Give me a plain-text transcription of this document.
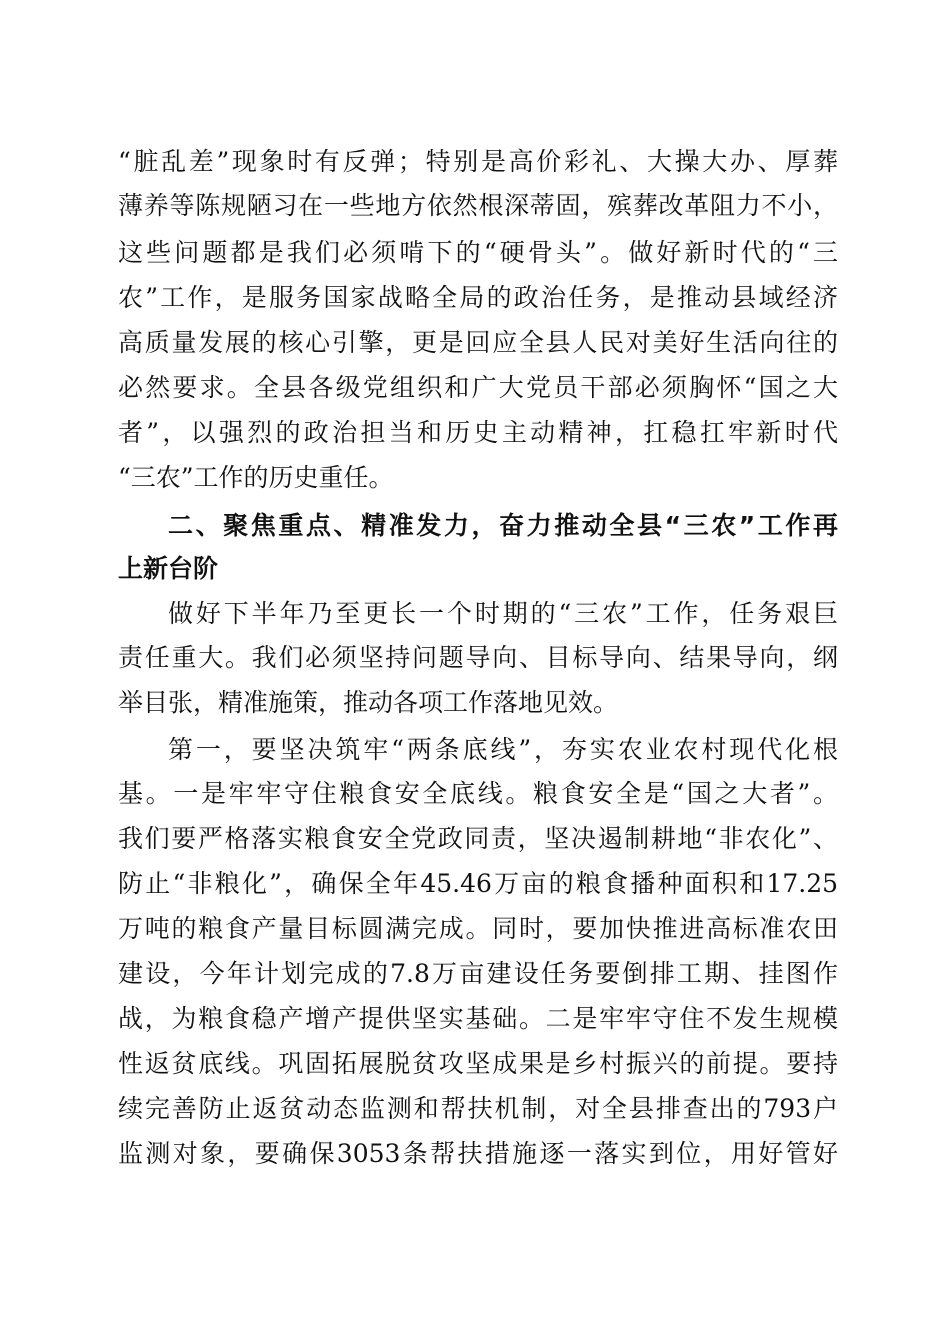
“脏乱差”现象时有反弹；特别是高价彩礼、大操大办、厚葬
薄养等陈规陋习在一些地方依然根深蒂固，殡葬改革阻力不小，
这些问题都是我们必须啃下的“硬骨头”。做好新时代的“三
农”工作，是服务国家战略全局的政治任务，是推动县域经济
高质量发展的核心引擎，更是回应全县人民对美好生活向往的
必然要求。全县各级党组织和广大党员干部必须胸怀“国之大
者”，以强烈的政治担当和历史主动精神，扛稳扛牢新时代
“三农”工作的历史重任。
二、聚焦重点、精准发力，奋力推动全县“三农”工作再
上新台阶
做好下半年乃至更长一个时期的“三农”工作，任务艰巨
责任重大。我们必须坚持问题导向、目标导向、结果导向，纲
举目张，精准施策，推动各项工作落地见效。
第一，要坚决筑牢“两条底线”，夯实农业农村现代化根
基。一是牢牢守住粮食安全底线。粮食安全是“国之大者”。
我们要严格落实粮食安全党政同责，坚决遏制耕地“非农化”、
防止“非粮化”，确保全年45.46万亩的粮食播种面积和17.25
万吨的粮食产量目标圆满完成。同时，要加快推进高标准农田
建设，今年计划完成的7.8万亩建设任务要倒排工期、挂图作
战，为粮食稳产增产提供坚实基础。二是牢牢守住不发生规模
性返贫底线。巩固拓展脱贫攻坚成果是乡村振兴的前提。要持
续完善防止返贫动态监测和帮扶机制，对全县排查出的793户
监测对象，要确保3053条帮扶措施逐一落实到位，用好管好
